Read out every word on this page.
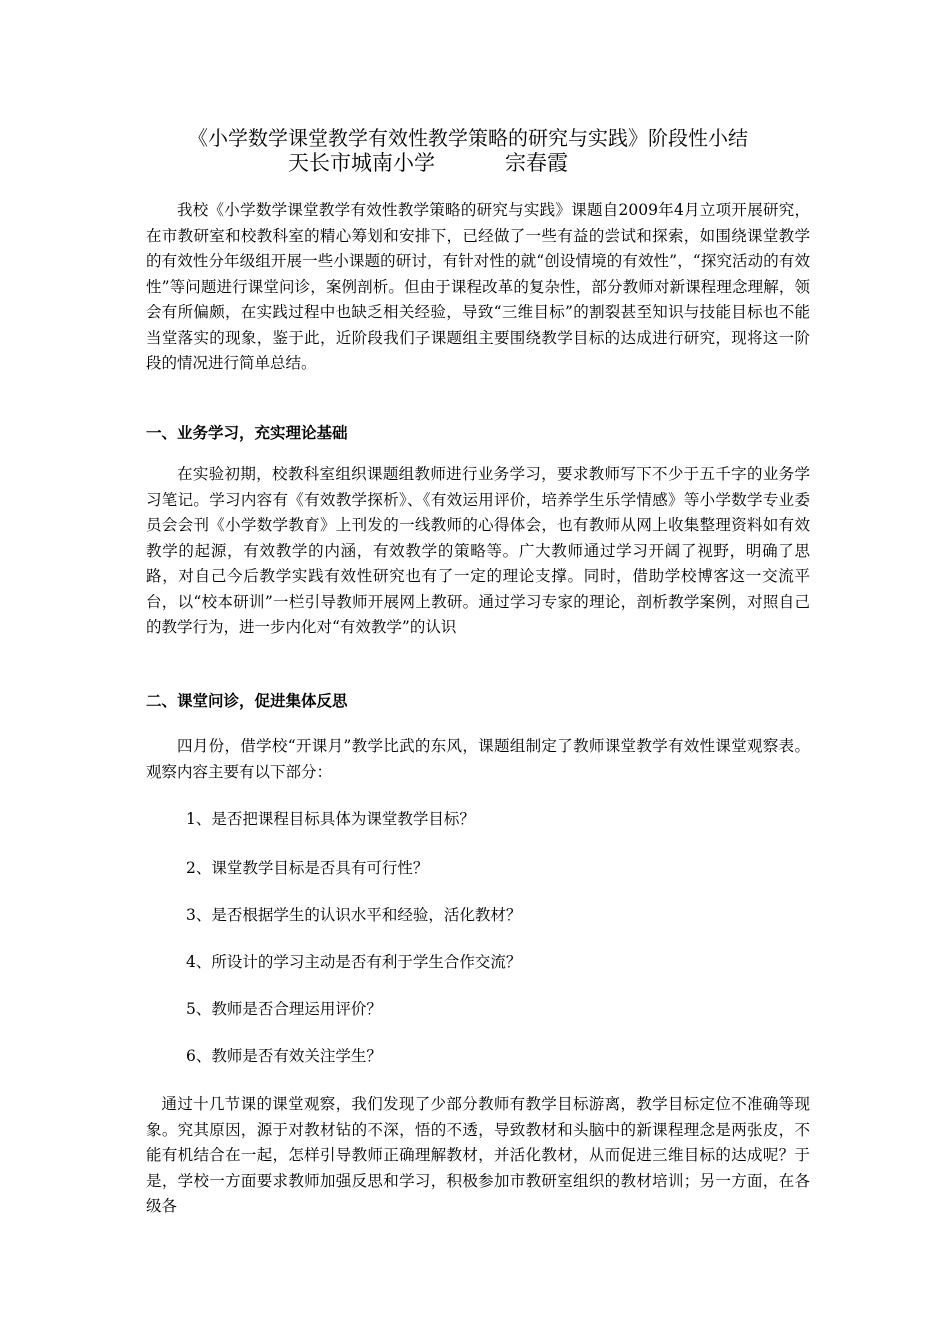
《小学数学课堂教学有效性教学策略的研究与实践》阶段性小结
天长市城南小学	宗春霞

我校《小学数学课堂教学有效性教学策略的研究与实践》课题自2009年4月立项开展研究，在市教研室和校教科室的精心筹划和安排下，已经做了一些有益的尝试和探索，如围绕课堂教学的有效性分年级组开展一些小课题的研讨，有针对性的就“创设情境的有效性”，“探究活动的有效性”等问题进行课堂问诊，案例剖析。但由于课程改革的复杂性，部分教师对新课程理念理解，领会有所偏颇，在实践过程中也缺乏相关经验，导致“三维目标”的割裂甚至知识与技能目标也不能当堂落实的现象，鉴于此，近阶段我们子课题组主要围绕教学目标的达成进行研究，现将这一阶段的情况进行简单总结。

一、业务学习，充实理论基础

在实验初期，校教科室组织课题组教师进行业务学习，要求教师写下不少于五千字的业务学习笔记。学习内容有《有效教学探析》、《有效运用评价，培养学生乐学情感》等小学数学专业委员会会刊《小学数学教育》上刊发的一线教师的心得体会，也有教师从网上收集整理资料如有效教学的起源，有效教学的内涵，有效教学的策略等。广大教师通过学习开阔了视野，明确了思路，对自己今后教学实践有效性研究也有了一定的理论支撑。同时，借助学校博客这一交流平台，以“校本研训”一栏引导教师开展网上教研。通过学习专家的理论，剖析教学案例，对照自己的教学行为，进一步内化对“有效教学”的认识

二、课堂问诊，促进集体反思

四月份，借学校“开课月”教学比武的东风，课题组制定了教师课堂教学有效性课堂观察表。观察内容主要有以下部分：

1、是否把课程目标具体为课堂教学目标？
2、课堂教学目标是否具有可行性？
3、是否根据学生的认识水平和经验，活化教材？
4、所设计的学习主动是否有利于学生合作交流？
5、教师是否合理运用评价？
6、教师是否有效关注学生？

通过十几节课的课堂观察，我们发现了少部分教师有教学目标游离，教学目标定位不准确等现象。究其原因，源于对教材钻的不深，悟的不透，导致教材和头脑中的新课程理念是两张皮，不能有机结合在一起，怎样引导教师正确理解教材，并活化教材，从而促进三维目标的达成呢？于是，学校一方面要求教师加强反思和学习，积极参加市教研室组织的教材培训；另一方面，在各级各
